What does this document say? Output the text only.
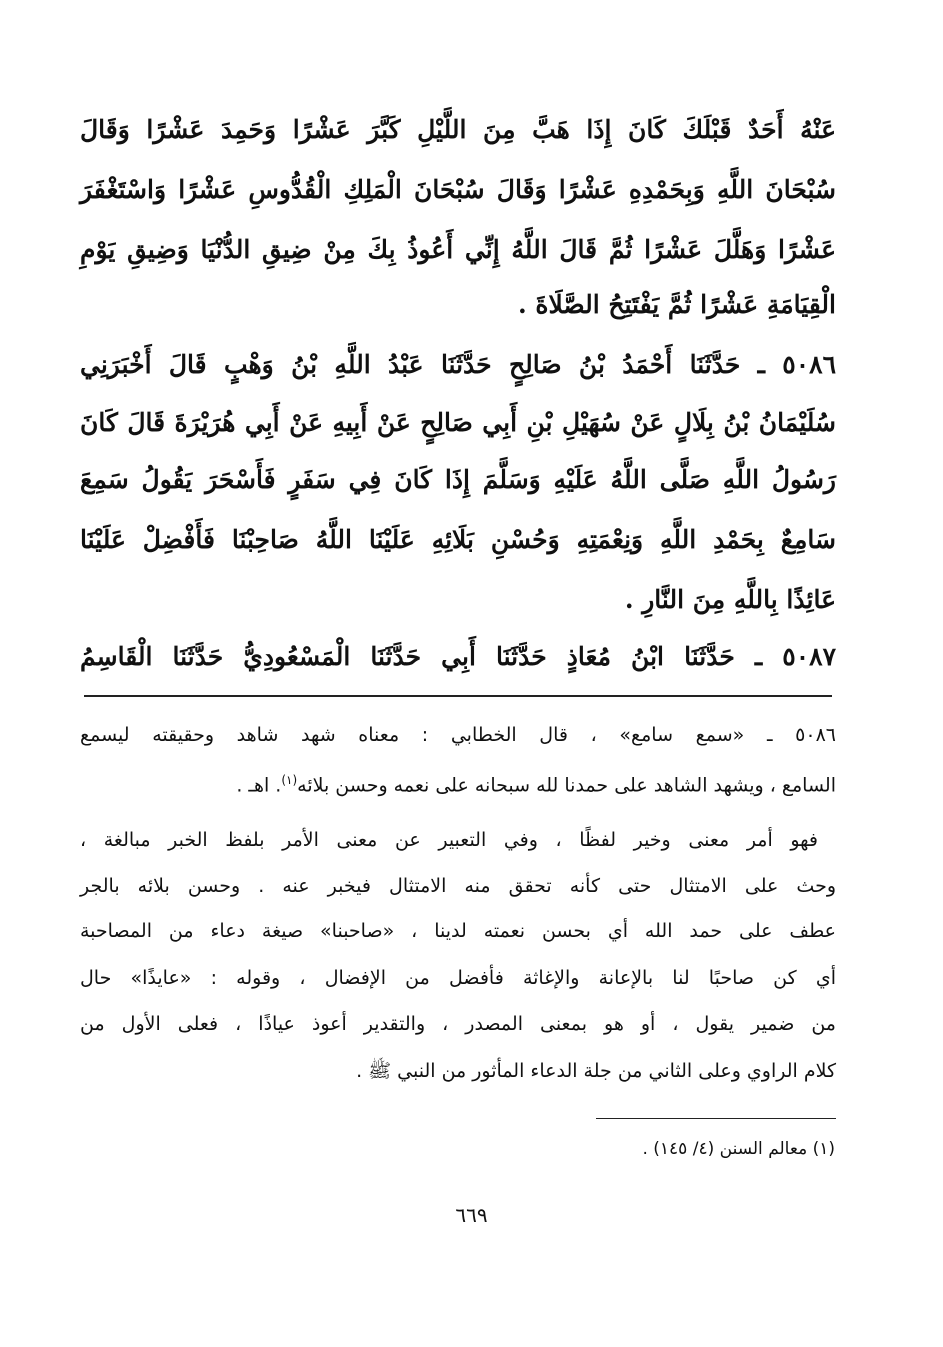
عَنْهُ أَحَدٌ قَبْلَكَ كَانَ إِذَا هَبَّ مِنَ اللَّيْلِ كَبَّرَ عَشْرًا وَحَمِدَ عَشْرًا وَقَالَ
سُبْحَانَ اللَّهِ وَبِحَمْدِهِ عَشْرًا وَقَالَ سُبْحَانَ الْمَلِكِ الْقُدُّوسِ عَشْرًا وَاسْتَغْفَرَ
عَشْرًا وَهَلَّلَ عَشْرًا ثُمَّ قَالَ اللَّهُ إِنِّي أَعُوذُ بِكَ مِنْ ضِيقِ الدُّنْيَا وَضِيقِ يَوْمِ
الْقِيَامَةِ عَشْرًا ثُمَّ يَفْتَتِحُ الصَّلَاةَ .
٥٠٨٦ ـ حَدَّثَنَا أَحْمَدُ بْنُ صَالِحٍ حَدَّثَنَا عَبْدُ اللَّهِ بْنُ وَهْبٍ قَالَ أَخْبَرَنِي
سُلَيْمَانُ بْنُ بِلَالٍ عَنْ سُهَيْلِ بْنِ أَبِي صَالِحٍ عَنْ أَبِيهِ عَنْ أَبِي هُرَيْرَةَ قَالَ كَانَ
رَسُولُ اللَّهِ صَلَّى اللَّهُ عَلَيْهِ وَسَلَّمَ إِذَا كَانَ فِي سَفَرٍ فَأَسْحَرَ يَقُولُ سَمِعَ
سَامِعٌ بِحَمْدِ اللَّهِ وَنِعْمَتِهِ وَحُسْنِ بَلَائِهِ عَلَيْنَا اللَّهُ صَاحِبْنَا فَأَفْضِلْ عَلَيْنَا
عَائِذًا بِاللَّهِ مِنَ النَّارِ .
٥٠٨٧ ـ حَدَّثَنَا ابْنُ مُعَاذٍ حَدَّثَنَا أَبِي حَدَّثَنَا الْمَسْعُودِيُّ حَدَّثَنَا الْقَاسِمُ
٥٠٨٦ ـ «سمع سامع» ، قال الخطابي : معناه شهد شاهد وحقيقته ليسمع
السامع ، ويشهد الشاهد على حمدنا لله سبحانه على نعمه وحسن بلائه$^{(١)}$. اهـ .
فهو أمر معنى وخير لفظًا ، وفي التعبير عن معنى الأمر بلفظ الخبر مبالغة ،
وحث على الامتثال حتى كأنه تحقق منه الامتثال فيخبر عنه . وحسن بلائه بالجر
عطف على حمد الله أي بحسن نعمته لدينا ، «صاحبنا» صيغة دعاء من المصاحبة
أي كن صاحبًا لنا بالإعانة والإغاثة فأفضل من الإفضال ، وقوله : «عايذًا» حال
من ضمير يقول ، أو هو بمعنى المصدر ، والتقدير أعوذ عياذًا ، فعلى الأول من
كلام الراوي وعلى الثاني من جلة الدعاء المأثور من النبي ﷺ .
(١) معالم السنن (٤/ ١٤٥) .
٦٦٩
